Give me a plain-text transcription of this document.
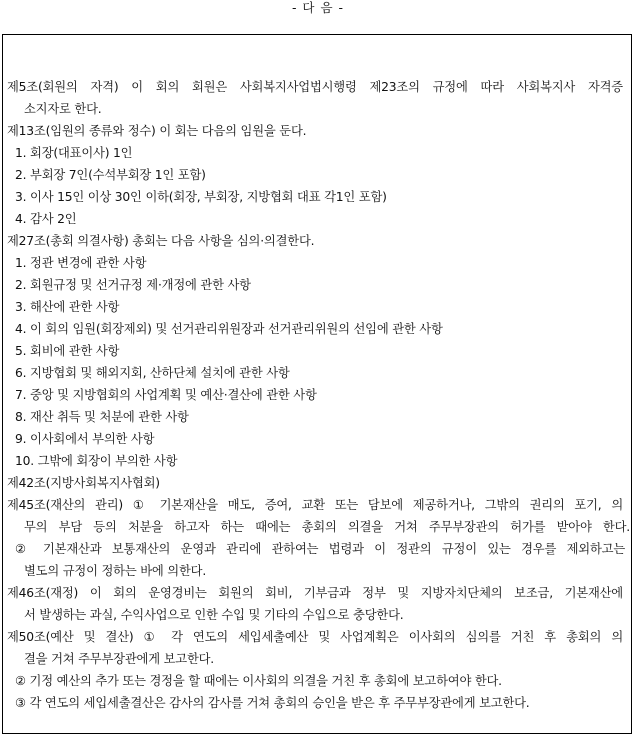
- 다 음 -
제5조(회원의 자격) 이 회의 회원은 사회복지사업법시행령 제23조의 규정에 따라 사회복지사 자격증
소지자로 한다.
제13조(임원의 종류와 정수) 이 회는 다음의 임원을 둔다.
1. 회장(대표이사) 1인
2. 부회장 7인(수석부회장 1인 포함)
3. 이사 15인 이상 30인 이하(회장, 부회장, 지방협회 대표 각1인 포함)
4. 감사 2인
제27조(총회 의결사항) 총회는 다음 사항을 심의·의결한다.
1. 정관 변경에 관한 사항
2. 회원규정 및 선거규정 제·개정에 관한 사항
3. 해산에 관한 사항
4. 이 회의 임원(회장제외) 및 선거관리위원장과 선거관리위원의 선임에 관한 사항
5. 회비에 관한 사항
6. 지방협회 및 해외지회, 산하단체 설치에 관한 사항
7. 중앙 및 지방협회의 사업계획 및 예산·결산에 관한 사항
8. 재산 취득 및 처분에 관한 사항
9. 이사회에서 부의한 사항
10. 그밖에 회장이 부의한 사항
제42조(지방사회복지사협회)
제45조(재산의 관리) ① 기본재산을 매도, 증여, 교환 또는 담보에 제공하거나, 그밖의 권리의 포기, 의
무의 부담 등의 처분을 하고자 하는 때에는 총회의 의결을 거쳐 주무부장관의 허가를 받아야 한다.
② 기본재산과 보통재산의 운영과 관리에 관하여는 법령과 이 정관의 규정이 있는 경우를 제외하고는
별도의 규정이 정하는 바에 의한다.
제46조(재정) 이 회의 운영경비는 회원의 회비, 기부금과 정부 및 지방자치단체의 보조금, 기본재산에
서 발생하는 과실, 수익사업으로 인한 수입 및 기타의 수입으로 충당한다.
제50조(예산 및 결산) ① 각 연도의 세입세출예산 및 사업계획은 이사회의 심의를 거친 후 총회의 의
결을 거쳐 주무부장관에게 보고한다.
② 기정 예산의 추가 또는 경정을 할 때에는 이사회의 의결을 거친 후 총회에 보고하여야 한다.
③ 각 연도의 세입세출결산은 감사의 감사를 거쳐 총회의 승인을 받은 후 주무부장관에게 보고한다.
